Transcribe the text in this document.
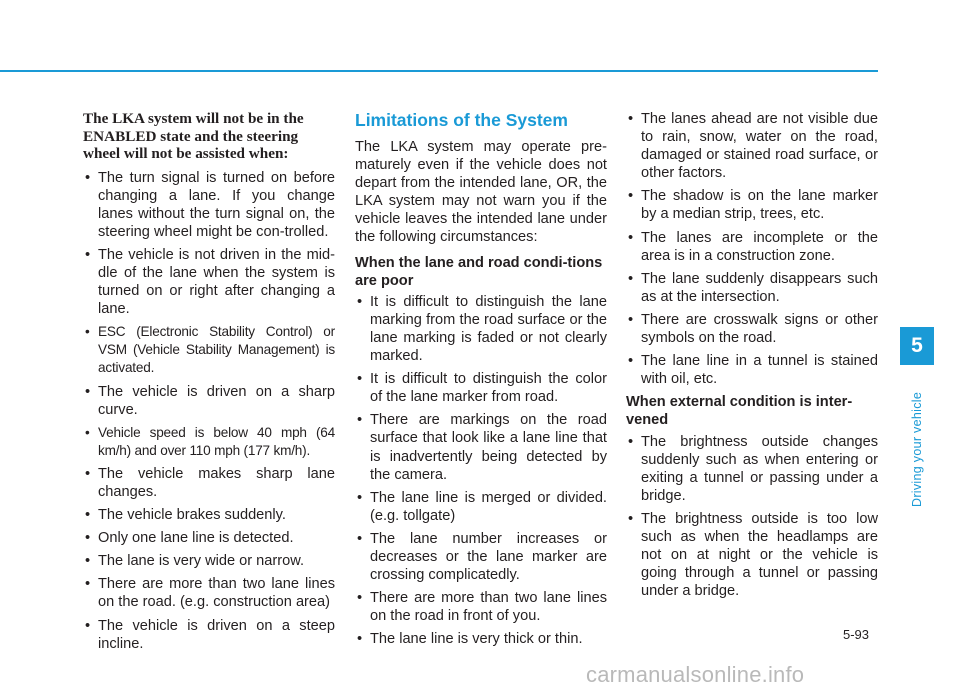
The LKA system will not be in the ENABLED state and the steering wheel will not be assisted when:

• The turn signal is turned on before changing a lane. If you change lanes without the turn signal on, the steering wheel might be con-trolled.
• The vehicle is not driven in the mid-dle of the lane when the system is turned on or right after changing a lane.
• ESC (Electronic Stability Control) or VSM (Vehicle Stability Management) is activated.
• The vehicle is driven on a sharp curve.
• Vehicle speed is below 40 mph (64 km/h) and over 110 mph (177 km/h).
• The vehicle makes sharp lane changes.
• The vehicle brakes suddenly.
• Only one lane line is detected.
• The lane is very wide or narrow.
• There are more than two lane lines on the road. (e.g. construction area)
• The vehicle is driven on a steep incline.

Limitations of the System

The LKA system may operate pre-maturely even if the vehicle does not depart from the intended lane, OR, the LKA system may not warn you if the vehicle leaves the intended lane under the following circumstances:

When the lane and road condi-tions are poor

• It is difficult to distinguish the lane marking from the road surface or the lane marking is faded or not clearly marked.
• It is difficult to distinguish the color of the lane marker from road.
• There are markings on the road surface that look like a lane line that is inadvertently being detected by the camera.
• The lane line is merged or divided. (e.g. tollgate)
• The lane number increases or decreases or the lane marker are crossing complicatedly.
• There are more than two lane lines on the road in front of you.
• The lane line is very thick or thin.
• The lanes ahead are not visible due to rain, snow, water on the road, damaged or stained road surface, or other factors.
• The shadow is on the lane marker by a median strip, trees, etc.
• The lanes are incomplete or the area is in a construction zone.
• The lane suddenly disappears such as at the intersection.
• There are crosswalk signs or other symbols on the road.
• The lane line in a tunnel is stained with oil, etc.

When external condition is inter-vened

• The brightness outside changes suddenly such as when entering or exiting a tunnel or passing under a bridge.
• The brightness outside is too low such as when the headlamps are not on at night or the vehicle is going through a tunnel or passing under a bridge.
5
Driving your vehicle
5-93
carmanualsonline.info
